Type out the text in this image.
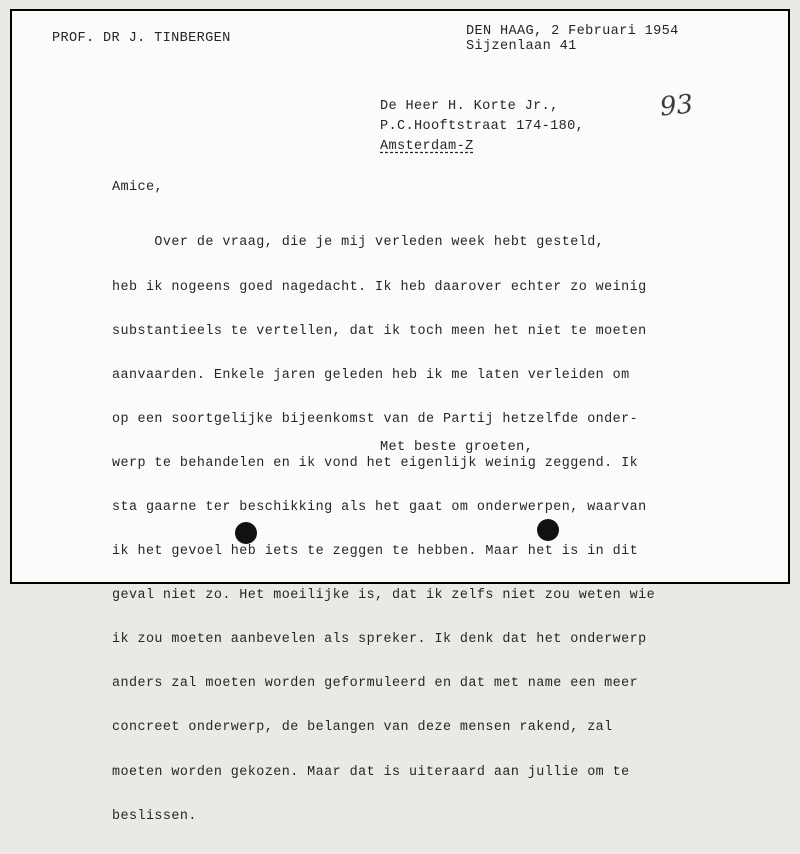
PROF. DR J. TINBERGEN	DEN HAAG, 2 Februari 1954
Sijzenlaan 41
De Heer H. Korte Jr.,
P.C.Hooftstraat 174-180,
Amsterdam-Z
93
Amice,

Over de vraag, die je mij verleden week hebt gesteld,

heb ik nogeens goed nagedacht. Ik heb daarover echter zo weinig

substantieels te vertellen, dat ik toch meen het niet te moeten

aanvaarden. Enkele jaren geleden heb ik me laten verleiden om

op een soortgelijke bijeenkomst van de Partij hetzelfde onder-

werp te behandelen en ik vond het eigenlijk weinig zeggend. Ik

sta gaarne ter beschikking als het gaat om onderwerpen, waarvan

ik het gevoel heb iets te zeggen te hebben. Maar het is in dit

geval niet zo. Het moeilijke is, dat ik zelfs niet zou weten wie

ik zou moeten aanbevelen als spreker. Ik denk dat het onderwerp

anders zal moeten worden geformuleerd en dat met name een meer

concreet onderwerp, de belangen van deze mensen rakend, zal

moeten worden gekozen. Maar dat is uiteraard aan jullie om te

beslissen.

Met beste groeten,
